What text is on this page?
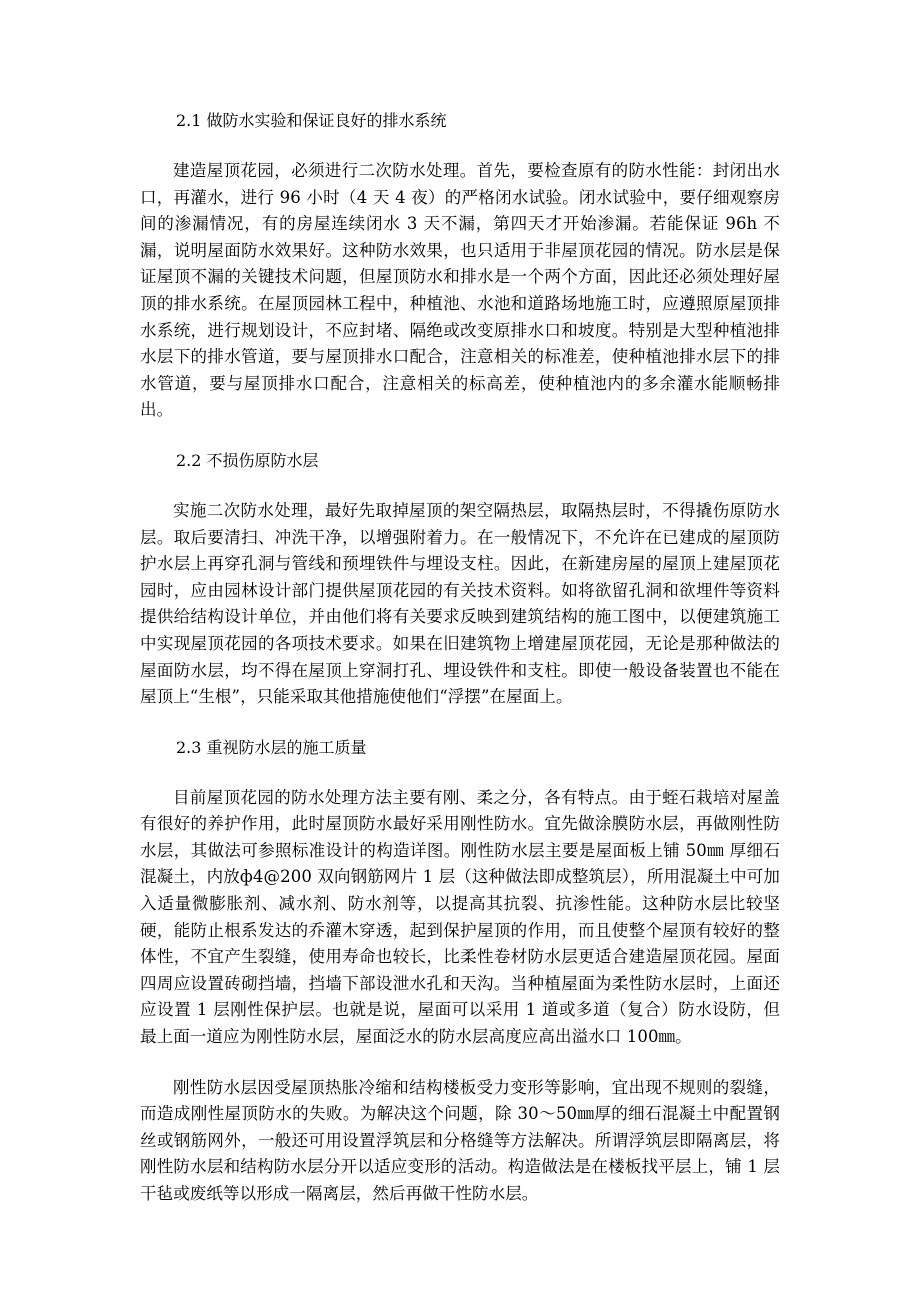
2.1 做防水实验和保证良好的排水系统

建造屋顶花园，必须进行二次防水处理。首先，要检查原有的防水性能：封闭出水口，再灌水，进行 96 小时（4 天 4 夜）的严格闭水试验。闭水试验中，要仔细观察房间的渗漏情况，有的房屋连续闭水 3 天不漏，第四天才开始渗漏。若能保证 96h 不漏，说明屋面防水效果好。这种防水效果，也只适用于非屋顶花园的情况。防水层是保证屋顶不漏的关键技术问题，但屋顶防水和排水是一个两个方面，因此还必须处理好屋顶的排水系统。在屋顶园林工程中，种植池、水池和道路场地施工时，应遵照原屋顶排水系统，进行规划设计，不应封堵、隔绝或改变原排水口和坡度。特别是大型种植池排水层下的排水管道，要与屋顶排水口配合，注意相关的标准差，使种植池排水层下的排水管道，要与屋顶排水口配合，注意相关的标高差，使种植池内的多余灌水能顺畅排出。

2.2 不损伤原防水层

实施二次防水处理，最好先取掉屋顶的架空隔热层，取隔热层时，不得撬伤原防水层。取后要清扫、冲洗干净，以增强附着力。在一般情况下，不允许在已建成的屋顶防护水层上再穿孔洞与管线和预埋铁件与埋设支柱。因此，在新建房屋的屋顶上建屋顶花园时，应由园林设计部门提供屋顶花园的有关技术资料。如将欲留孔洞和欲埋件等资料提供给结构设计单位，并由他们将有关要求反映到建筑结构的施工图中，以便建筑施工中实现屋顶花园的各项技术要求。如果在旧建筑物上增建屋顶花园，无论是那种做法的屋面防水层，均不得在屋顶上穿洞打孔、埋设铁件和支柱。即使一般设备装置也不能在屋顶上“生根”，只能采取其他措施使他们“浮摆”在屋面上。

2.3 重视防水层的施工质量

目前屋顶花园的防水处理方法主要有刚、柔之分，各有特点。由于蛭石栽培对屋盖有很好的养护作用，此时屋顶防水最好采用刚性防水。宜先做涂膜防水层，再做刚性防水层，其做法可参照标准设计的构造详图。刚性防水层主要是屋面板上铺 50㎜ 厚细石混凝土，内放ф4@200 双向钢筋网片 1 层（这种做法即成整筑层），所用混凝土中可加入适量微膨胀剂、减水剂、防水剂等，以提高其抗裂、抗渗性能。这种防水层比较坚硬，能防止根系发达的乔灌木穿透，起到保护屋顶的作用，而且使整个屋顶有较好的整体性，不宜产生裂缝，使用寿命也较长，比柔性卷材防水层更适合建造屋顶花园。屋面四周应设置砖砌挡墙，挡墙下部设泄水孔和天沟。当种植屋面为柔性防水层时，上面还应设置 1 层刚性保护层。也就是说，屋面可以采用 1 道或多道（复合）防水设防，但最上面一道应为刚性防水层，屋面泛水的防水层高度应高出溢水口 100㎜。

刚性防水层因受屋顶热胀冷缩和结构楼板受力变形等影响，宜出现不规则的裂缝，而造成刚性屋顶防水的失败。为解决这个问题，除 30～50㎜厚的细石混凝土中配置钢丝或钢筋网外，一般还可用设置浮筑层和分格缝等方法解决。所谓浮筑层即隔离层，将刚性防水层和结构防水层分开以适应变形的活动。构造做法是在楼板找平层上，铺 1 层干毡或废纸等以形成一隔离层，然后再做干性防水层。
